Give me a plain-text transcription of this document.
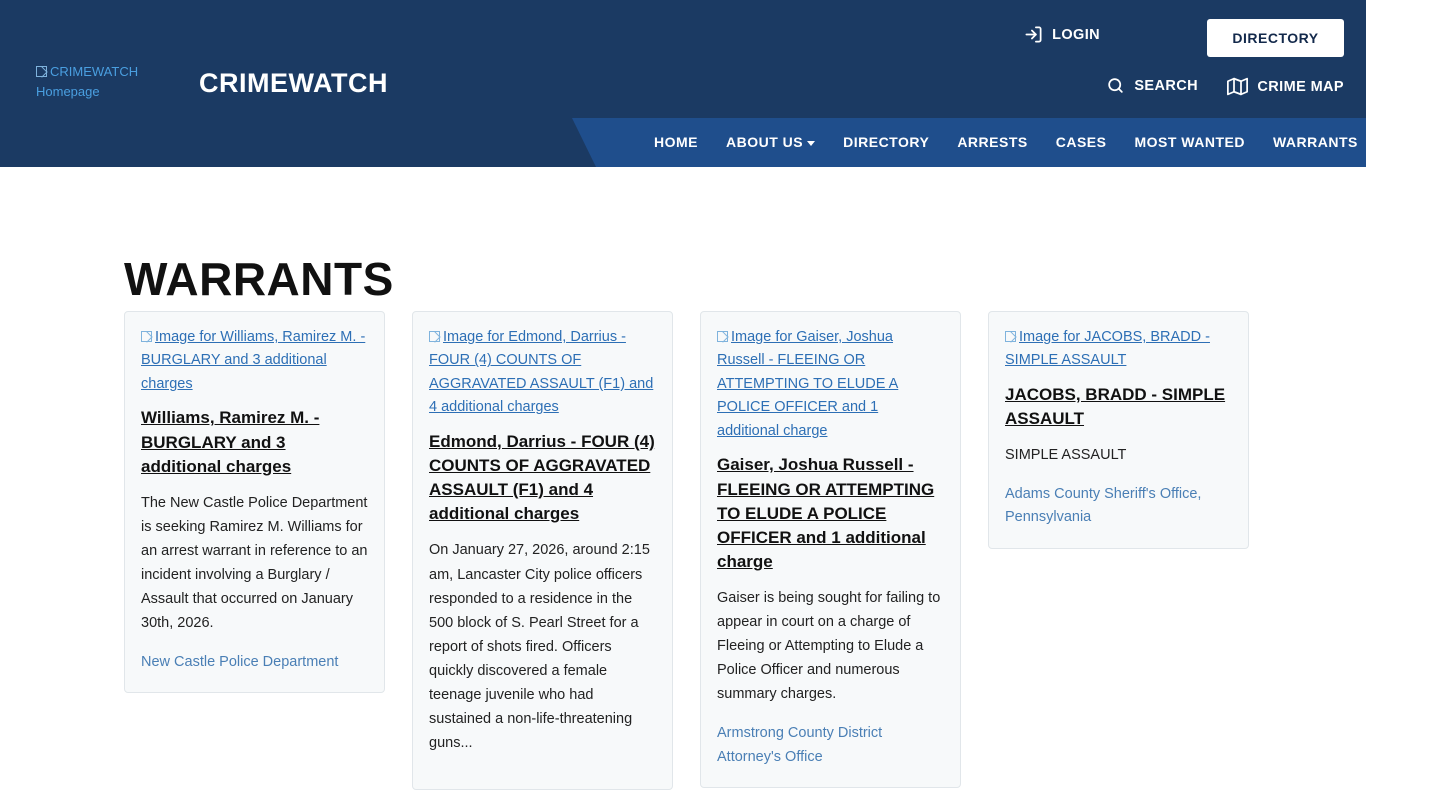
CRIMEWATCH Homepage	CRIMEWATCH
LOGIN	DIRECTORY
SEARCH	CRIME MAP
HOME	ABOUT US	DIRECTORY	ARRESTS	CASES	MOST WANTED	WARRANTS	LINKS
WARRANTS
Image for Williams, Ramirez M. - BURGLARY and 3 additional charges
Williams, Ramirez M. - BURGLARY and 3 additional charges
The New Castle Police Department is seeking Ramirez M. Williams for an arrest warrant in reference to an incident involving a Burglary / Assault that occurred on January 30th, 2026.
New Castle Police Department
Image for Edmond, Darrius - FOUR (4) COUNTS OF AGGRAVATED ASSAULT (F1) and 4 additional charges
Edmond, Darrius - FOUR (4) COUNTS OF AGGRAVATED ASSAULT (F1) and 4 additional charges
On January 27, 2026, around 2:15 am, Lancaster City police officers responded to a residence in the 500 block of S. Pearl Street for a report of shots fired. Officers quickly discovered a female teenage juvenile who had sustained a non-life-threatening guns...
Image for Gaiser, Joshua Russell - FLEEING OR ATTEMPTING TO ELUDE A POLICE OFFICER and 1 additional charge
Gaiser, Joshua Russell - FLEEING OR ATTEMPTING TO ELUDE A POLICE OFFICER and 1 additional charge
Gaiser is being sought for failing to appear in court on a charge of Fleeing or Attempting to Elude a Police Officer and numerous summary charges.
Armstrong County District Attorney's Office
Image for JACOBS, BRADD - SIMPLE ASSAULT
JACOBS, BRADD - SIMPLE ASSAULT
SIMPLE ASSAULT
Adams County Sheriff's Office, Pennsylvania
